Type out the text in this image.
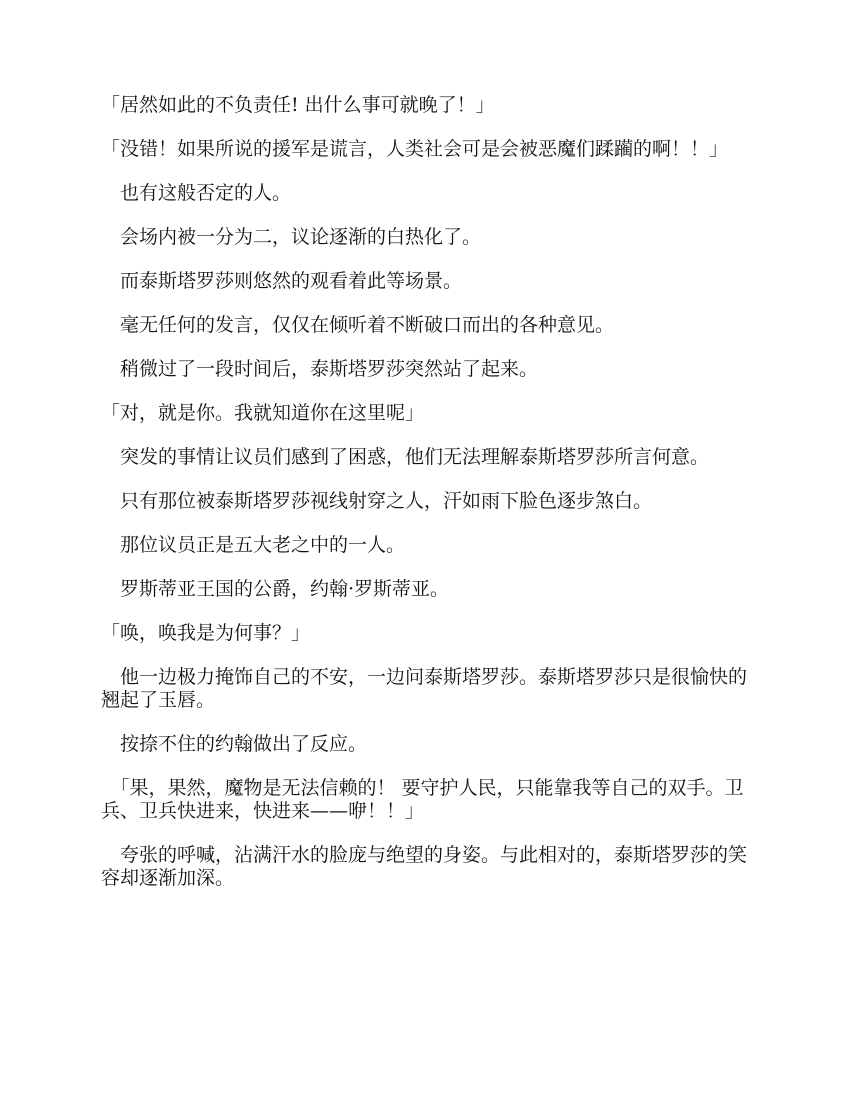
「居然如此的不负责任! 出什么事可就晚了！」

「没错！如果所说的援军是谎言，人类社会可是会被恶魔们蹂躏的啊！！」

　也有这般否定的人。

　会场内被一分为二，议论逐渐的白热化了。

　而泰斯塔罗莎则悠然的观看着此等场景。

　毫无任何的发言，仅仅在倾听着不断破口而出的各种意见。

　稍微过了一段时间后，泰斯塔罗莎突然站了起来。

「对，就是你。我就知道你在这里呢」

　突发的事情让议员们感到了困惑，他们无法理解泰斯塔罗莎所言何意。

　只有那位被泰斯塔罗莎视线射穿之人，汗如雨下脸色逐步煞白。

　那位议员正是五大老之中的一人。

　罗斯蒂亚王国的公爵，约翰·罗斯蒂亚。

「唤，唤我是为何事？」

　他一边极力掩饰自己的不安，一边问泰斯塔罗莎。泰斯塔罗莎只是很愉快的翘起了玉唇。

　按捺不住的约翰做出了反应。

　「果，果然，魔物是无法信赖的！ 要守护人民，只能靠我等自己的双手。卫兵、卫兵快进来，快进来——咿！！」

　夸张的呼喊，沾满汗水的脸庞与绝望的身姿。与此相对的，泰斯塔罗莎的笑容却逐渐加深。
